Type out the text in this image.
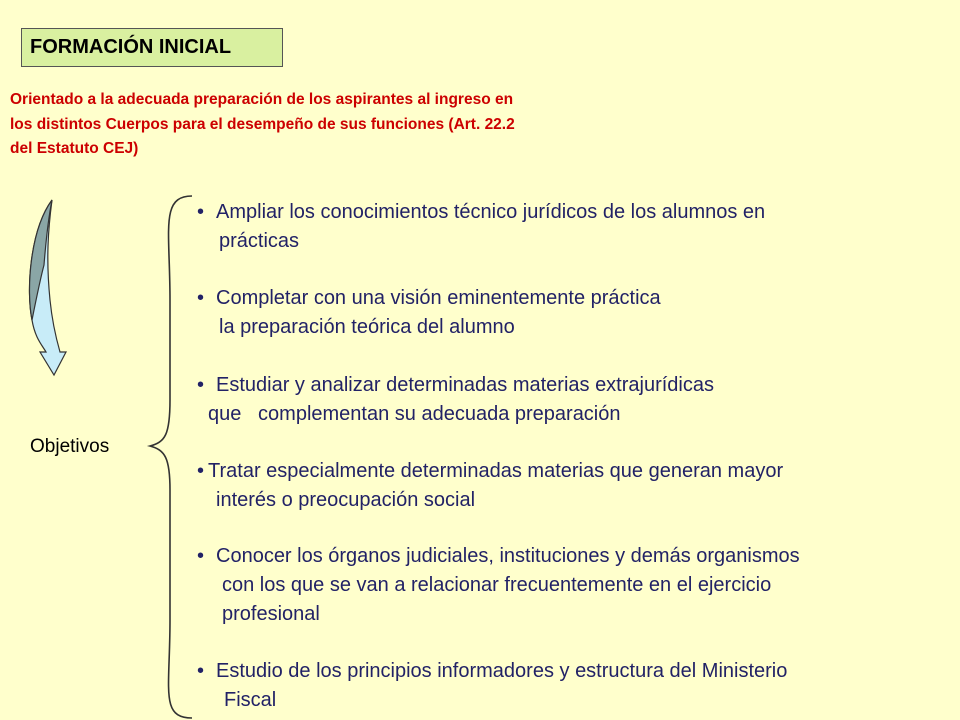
FORMACIÓN INICIAL
Orientado a la adecuada preparación de los aspirantes al ingreso en
los distintos Cuerpos para el desempeño de sus funciones (Art. 22.2
del Estatuto CEJ)
Objetivos
• Ampliar los conocimientos técnico jurídicos de los alumnos en
prácticas
• Completar con una visión eminentemente práctica
la preparación teórica del alumno
• Estudiar y analizar determinadas materias extrajurídicas
que   complementan su adecuada preparación
• Tratar especialmente determinadas materias que generan mayor
interés o preocupación social
• Conocer los órganos judiciales, instituciones y demás organismos
con los que se van a relacionar frecuentemente en el ejercicio
profesional
• Estudio de los principios informadores y estructura del Ministerio
Fiscal
